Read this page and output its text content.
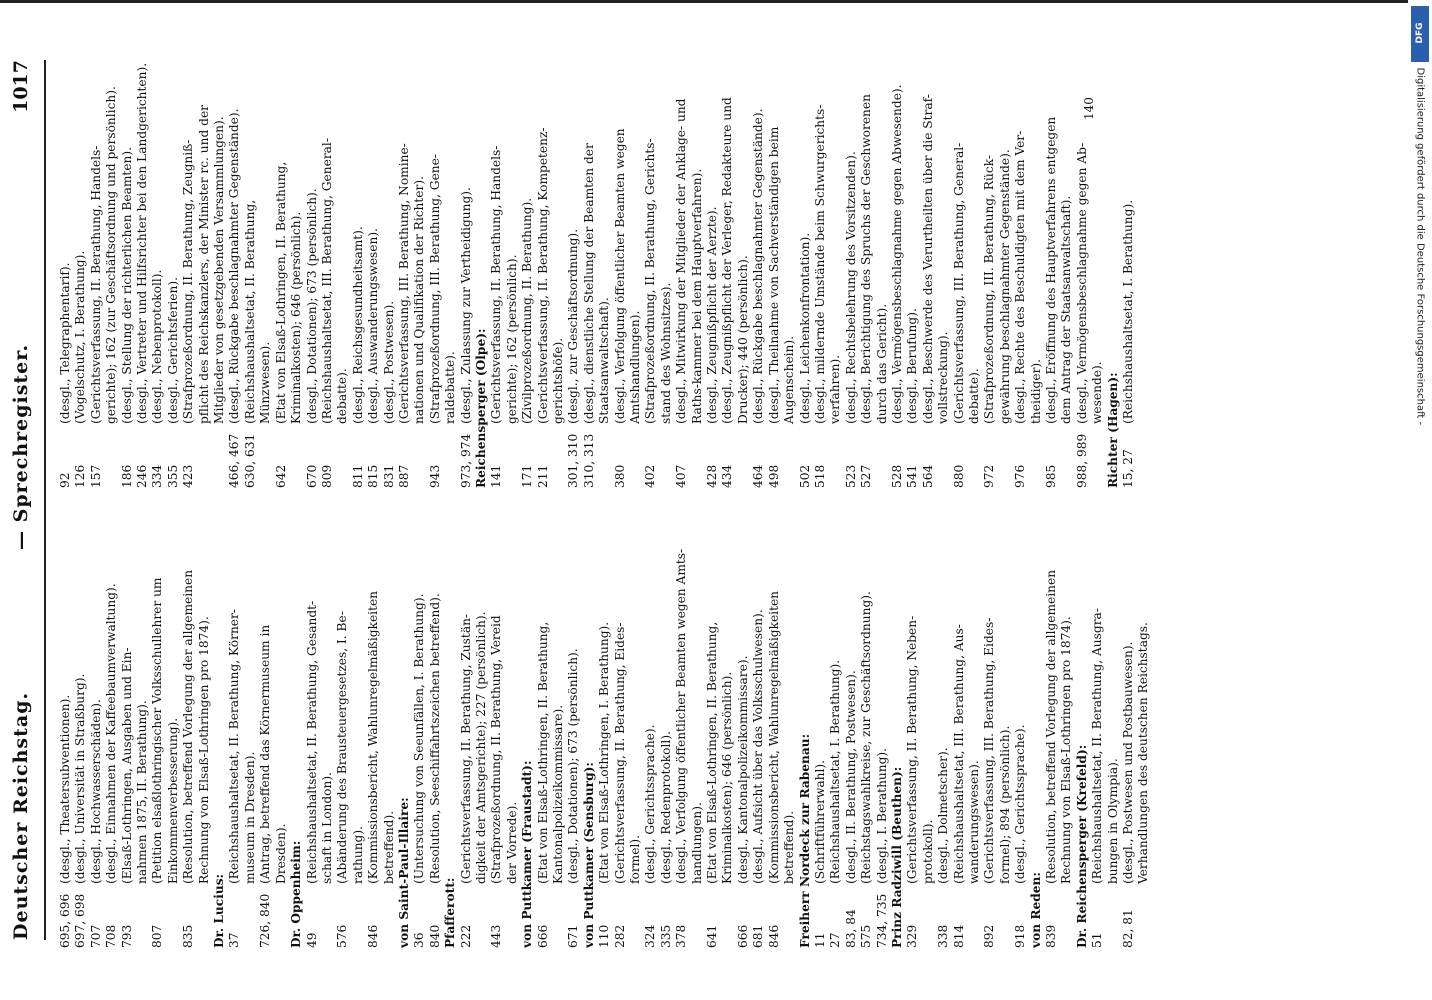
Deutscher Reichstag.
— Sprechregister.
1017
695, 696
(desgl., Theatersubventionen).
697, 698
(desgl., Universität in Straßburg).
707
(desgl., Hochwasserschäden).
708
(desgl., Einnahmen der Kaffeebaumverwaltung).
793
(Elsaß-Lothringen, Ausgaben und Ein- nahmen 1875, II. Berathung).
807
(Petition elsaßlothringischer Volksschullehrer um Einkommenverbesserung).
835
(Resolution, betreffend Vorlegung der allgemeinen Rechnung von Elsaß-Lothringen pro 1874).
Dr. Lucius: 37
(Reichshaushaltsetat, II. Berathung, Körner- museum in Dresden).
726, 840
(Antrag, betreffend das Körnermuseum in Dresden). Dr. Oppenheim: 49
(Reichshaushaltsetat, II. Berathung, Gesandt- schaft in London).
576
(Abänderung des Brausteuergesetzes, I. Be- rathung).
846
(Kommissionsbericht, Wahlunregelmäßigkeiten betreffend). von Saint-Paul-Illaire: 36
(Untersuchung von Seeunfällen, I. Berathung).
840
(Resolution, Seeschiffahrtszeichen betreffend).
Pfafferott: 222
(Gerichtsverfassung, II. Berathung, Zustän- digkeit der Amtsgerichte); 227 (persönlich).
443
(Strafprozeßordnung, II. Berathung, Vereid der Vorrede). von Puttkamer (Fraustadt): 666
(Etat von Elsaß-Lothringen, II. Berathung, Kantonalpolizeikommissare).
671
(desgl., Dotationen); 673 (persönlich). von Puttkamer (Sensburg): 110
(Etat von Elsaß-Lothringen, I. Berathung).
282
(Gerichtsverfassung, II. Berathung, Eides- formel).
324
(desgl., Gerichtssprache).
335
(desgl., Redenprotokoll).
378
(desgl., Verfolgung öffentlicher Beamten wegen Amts- handlungen).
641
(Etat von Elsaß-Lothringen, II. Berathung, Kriminalkosten); 646 (persönlich).
666
(desgl., Kantonalpolizeikommissare).
681
(desgl., Aufsicht über das Volksschulwesen).
846
(Kommissionsbericht, Wahlunregelmäßigkeiten betreffend). Freiherr Nordeck zur Rabenau: 11
(Schriftführerwahl).
27
(Reichshaushaltsetat, I. Berathung).
83, 84
(desgl., II. Berathung, Postwesen).
575
(Reichstagswahlkreise, zur Geschäftsordnung).
734, 735
(desgl., I. Berathung). Prinz Radziwill (Beuthen): 329
(Gerichtsverfassung, II. Berathung, Neben- protokoll).
338
(desgl., Dolmetscher).
814
(Reichshaushaltsetat, III. Berathung, Aus- wanderungswesen).
892
(Gerichtsverfassung, III. Berathung, Eides- formel); 894 (persönlich).
918
(desgl., Gerichtssprache).
von Reden: 839
(Resolution, betreffend Vorlegung der allgemeinen Rechnung von Elsaß-Lothringen pro 1874). Dr. Reichensperger (Krefeld): 51
(Reichshaushaltsetat, II. Berathung, Ausgra- bungen in Olympia).
82, 81
(desgl., Postwesen und Postbauwesen). Verhandlungen des deutschen Reichstags.
92
(desgl., Telegraphentarif).
126
(Vogelschutz, I. Berathung).
157
(Gerichtsverfassung, II. Berathung, Handels- gerichte); 162 (zur Geschäftsordnung und persönlich).
186
(desgl., Stellung der richterlichen Beamten).
246
(desgl., Vertreter und Hilfsrichter bei den Landgerichten).
334
(desgl., Nebenprotokoll).
355
(desgl., Gerichtsferien).
423
(Strafprozeßordnung, II. Berathung, Zeugniß- pflicht des Reichskanzlers, der Minister rc. und der Mitglieder von gesetzgebenden Versammlungen).
466, 467
(desgl., Rückgabe beschlagnahmter Gegenstände).
630, 631
(Reichshaushaltsetat, II. Berathung, Münzwesen).
642
(Etat von Elsaß-Lothringen, II. Berathung, Kriminalkosten); 646 (persönlich).
670
(desgl., Dotationen); 673 (persönlich).
809
(Reichshaushaltsetat, III. Berathung, General- debatte).
811
(desgl., Reichsgesundheitsamt).
815
(desgl., Auswanderungswesen).
831
(desgl., Postwesen).
887
(Gerichtsverfassung, III. Berathung, Nomine- nationen und Qualifikation der Richter).
943
(Strafprozeßordnung, III. Berathung, Gene- raldebatte).
973, 974
(desgl., Zulassung zur Vertheidigung). Reichensperger (Olpe): 141
(Gerichtsverfassung, II. Berathung, Handels- gerichte); 162 (persönlich).
171
(Zivilprozeßordnung, II. Berathung).
211
(Gerichtsverfassung, II. Berathung, Kompetenz- gerichtshöfe).
301, 310
(desgl., zur Geschäftsordnung).
310, 313
(desgl., dienstliche Stellung der Beamten der Staatsanwaltschaft).
380
(desgl., Verfolgung öffentlicher Beamten wegen Amtshandlungen).
402
(Strafprozeßordnung, II. Berathung, Gerichts- stand des Wohnsitzes).
407
(desgl., Mitwirkung der Mitglieder der Anklage- und Raths-kammer bei dem Hauptverfahren).
428
(desgl., Zeugnißpflicht der Aerzte).
434
(desgl., Zeugnißpflicht der Verleger, Redakteure und Drucker); 440 (persönlich).
464
(desgl., Rückgabe beschlagnahmter Gegenstände).
498
(desgl., Theilnahme von Sachverständigen beim Augenschein).
502
(desgl., Leichenkonfrontation).
518
(desgl., mildernde Umstände beim Schwurgerichts- verfahren).
523
(desgl., Rechtsbelehrung des Vorsitzenden).
527
(desgl., Berichtigung des Spruchs der Geschworenen durch das Gericht).
528
(desgl., Vermögensbeschlagnahme gegen Abwesende).
541
(desgl., Berufung).
564
(desgl., Beschwerde des Verurtheilten über die Straf- vollstreckung).
880
(Gerichtsverfassung, III. Berathung, General- debatte).
972
(Strafprozeßordnung, III. Berathung, Rück- gewährung beschlagnahmter Gegenstände).
976
(desgl., Rechte des Beschuldigten mit dem Ver- theidiger).
985
(desgl., Eröffnung des Hauptverfahrens entgegen dem Antrag der Staatsanwaltschaft).
988, 989
(desgl., Vermögensbeschlagnahme gegen Ab- wesende). Richter (Hagen): 15, 27
(Reichshaushaltsetat, I. Berathung).
140
DFG
Digitalisierung gefördert durch die Deutsche Forschungsgemeinschaft -
